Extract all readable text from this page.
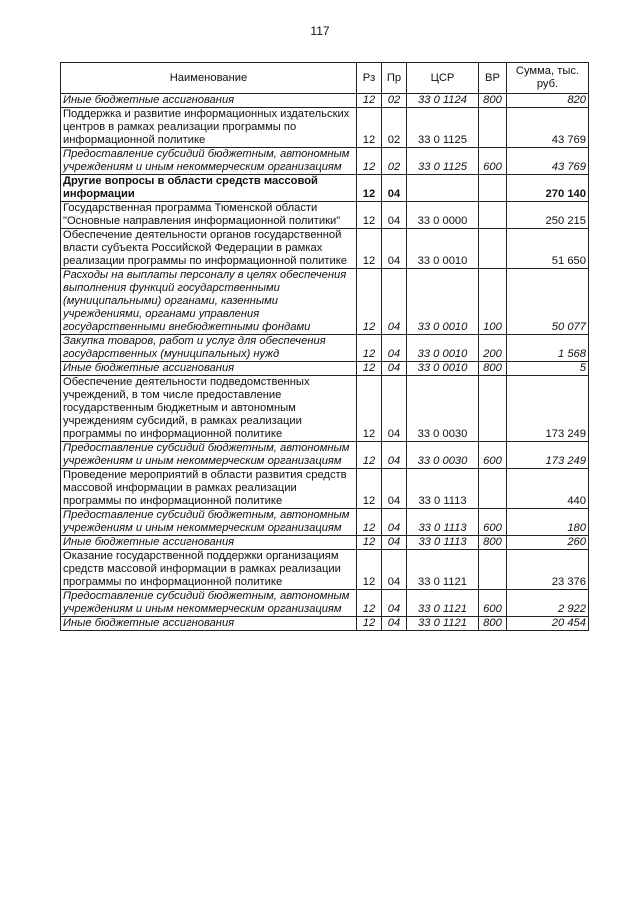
117
Наименование	Рз	Пр	ЦСР	ВР	Сумма, тыс. руб.
Иные бюджетные ассигнования	12	02	33 0 1124	800	820
Поддержка и развитие информационных издательских центров в рамках реализации программы по информационной политике	12	02	33 0 1125		43 769
Предоставление субсидий бюджетным, автономным учреждениям и иным некоммерческим организациям	12	02	33 0 1125	600	43 769
Другие вопросы в области средств массовой информации	12	04			270 140
Государственная программа Тюменской области "Основные направления информационной политики"	12	04	33 0 0000		250 215
Обеспечение деятельности органов государственной власти субъекта Российской Федерации в рамках реализации программы по информационной политике	12	04	33 0 0010		51 650
Расходы на выплаты персоналу в целях обеспечения выполнения функций государственными (муниципальными) органами, казенными учреждениями, органами управления государственными внебюджетными фондами	12	04	33 0 0010	100	50 077
Закупка товаров, работ и услуг для обеспечения государственных (муниципальных) нужд	12	04	33 0 0010	200	1 568
Иные бюджетные ассигнования	12	04	33 0 0010	800	5
Обеспечение деятельности подведомственных учреждений, в том числе предоставление государственным бюджетным и автономным учреждениям субсидий, в рамках реализации программы по информационной политике	12	04	33 0 0030		173 249
Предоставление субсидий бюджетным, автономным учреждениям и иным некоммерческим организациям	12	04	33 0 0030	600	173 249
Проведение мероприятий в области развития средств массовой информации в рамках реализации программы по информационной политике	12	04	33 0 1113		440
Предоставление субсидий бюджетным, автономным учреждениям и иным некоммерческим организациям	12	04	33 0 1113	600	180
Иные бюджетные ассигнования	12	04	33 0 1113	800	260
Оказание государственной поддержки организациям средств массовой информации в рамках реализации программы по информационной политике	12	04	33 0 1121		23 376
Предоставление субсидий бюджетным, автономным учреждениям и иным некоммерческим организациям	12	04	33 0 1121	600	2 922
Иные бюджетные ассигнования	12	04	33 0 1121	800	20 454
